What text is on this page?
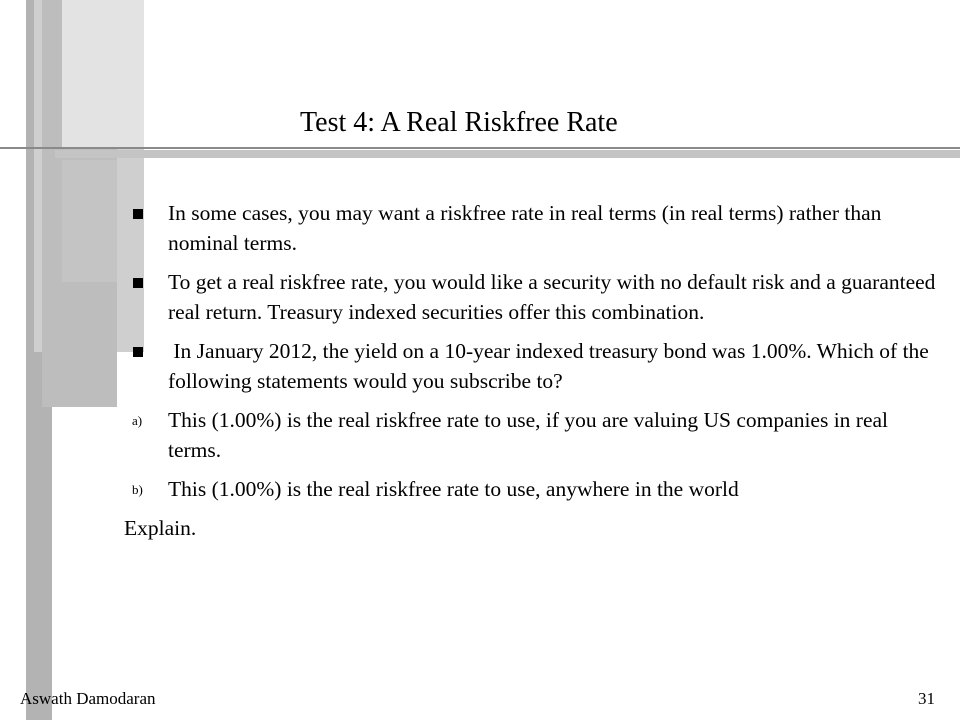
Test 4: A Real Riskfree Rate
In some cases, you may want a riskfree rate in real terms (in real terms) rather than nominal terms.
To get a real riskfree rate, you would like a security with no default risk and a guaranteed real return. Treasury indexed securities offer this combination.
In January 2012, the yield on a 10-year indexed treasury bond was 1.00%. Which of the following statements would you subscribe to?
a) This (1.00%) is the real riskfree rate to use, if you are valuing US companies in real terms.
b) This (1.00%) is the real riskfree rate to use, anywhere in the world
Explain.
Aswath Damodaran	31
